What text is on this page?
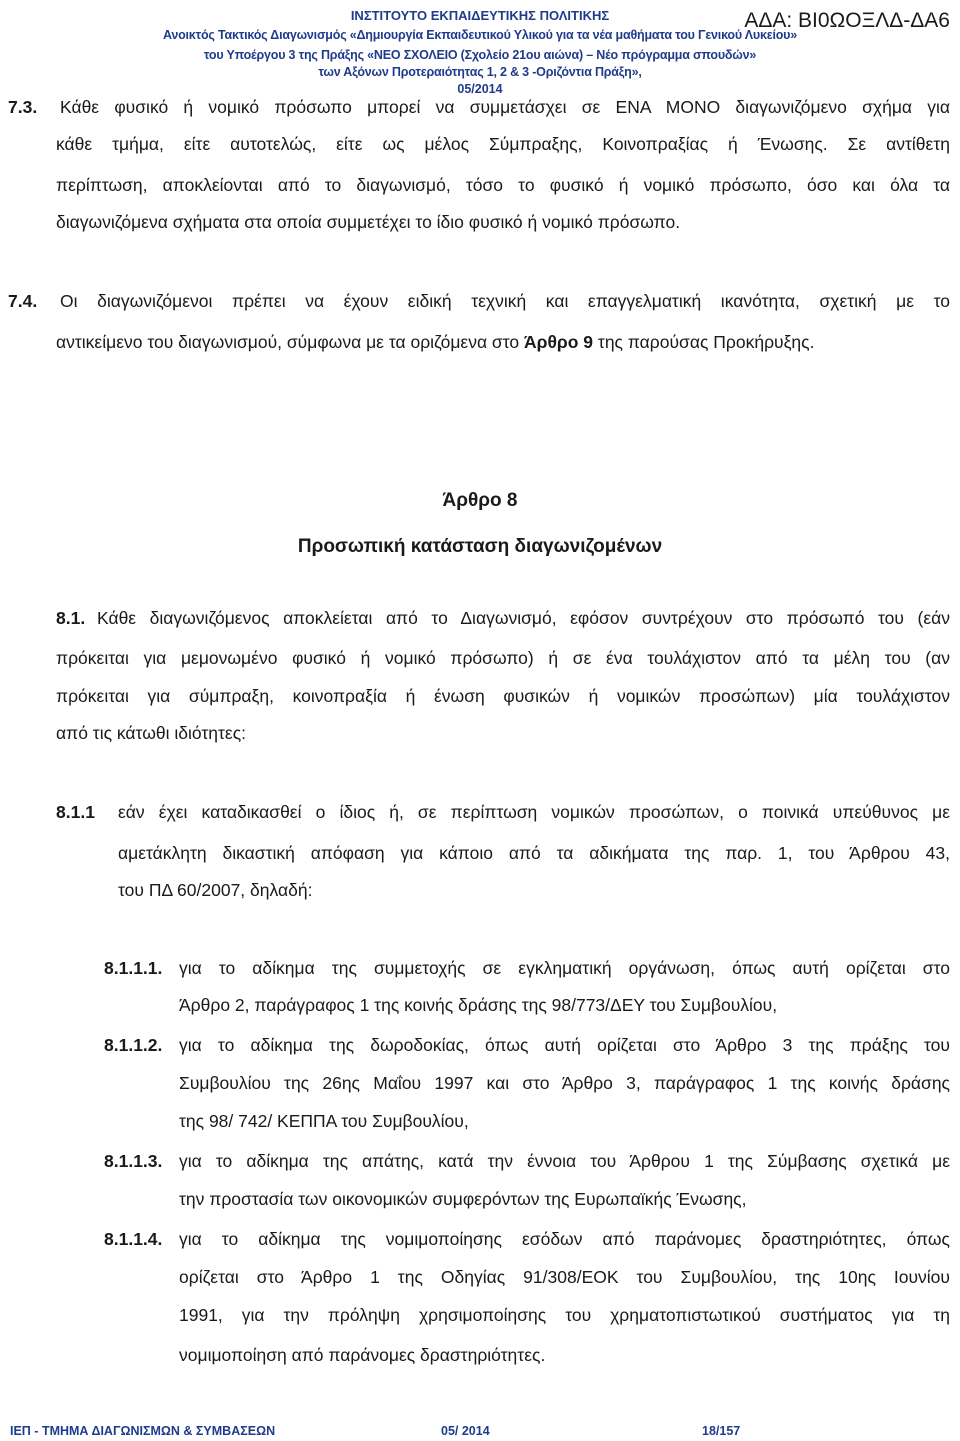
ΙΝΣΤΙΤΟΥΤΟ ΕΚΠΑΙΔΕΥΤΙΚΗΣ ΠΟΛΙΤΙΚΗΣ	ΑΔΑ: ΒΙ0ΩΟΞΛΔ-ΔΑ6
Ανοικτός Τακτικός Διαγωνισμός «Δημιουργία Εκπαιδευτικού Υλικού για τα νέα μαθήματα του Γενικού Λυκείου»
του Υποέργου 3 της Πράξης «ΝΕΟ ΣΧΟΛΕΙΟ (Σχολείο 21ου αιώνα) – Νέο πρόγραμμα σπουδών»
των Αξόνων Προτεραιότητας 1, 2 & 3 -Οριζόντια Πράξη»,
05/2014
7.3. Κάθε φυσικό ή νομικό πρόσωπο μπορεί να συμμετάσχει σε ΕΝΑ ΜΟΝΟ διαγωνιζόμενο σχήμα για
κάθε τμήμα, είτε αυτοτελώς, είτε ως μέλος Σύμπραξης, Κοινοπραξίας ή Ένωσης. Σε αντίθετη
περίπτωση, αποκλείονται από το διαγωνισμό, τόσο το φυσικό ή νομικό πρόσωπο, όσο και όλα τα
διαγωνιζόμενα σχήματα στα οποία συμμετέχει το ίδιο φυσικό ή νομικό πρόσωπο.
7.4. Οι διαγωνιζόμενοι πρέπει να έχουν ειδική τεχνική και επαγγελματική ικανότητα, σχετική με το
αντικείμενο του διαγωνισμού, σύμφωνα με τα οριζόμενα στο Άρθρο 9 της παρούσας Προκήρυξης.
Άρθρο 8
Προσωπική κατάσταση διαγωνιζομένων
8.1. Κάθε διαγωνιζόμενος αποκλείεται από το Διαγωνισμό, εφόσον συντρέχουν στο πρόσωπό του (εάν
πρόκειται για μεμονωμένο φυσικό ή νομικό πρόσωπο) ή σε ένα τουλάχιστον από τα μέλη του (αν
πρόκειται για σύμπραξη, κοινοπραξία ή ένωση φυσικών ή νομικών προσώπων) μία τουλάχιστον
από τις κάτωθι ιδιότητες:
8.1.1 εάν έχει καταδικασθεί ο ίδιος ή, σε περίπτωση νομικών προσώπων, ο ποινικά υπεύθυνος με
αμετάκλητη δικαστική απόφαση για κάποιο από τα αδικήματα της παρ. 1, του Άρθρου 43,
του ΠΔ 60/2007, δηλαδή:
8.1.1.1. για το αδίκημα της συμμετοχής σε εγκληματική οργάνωση, όπως αυτή ορίζεται στο
Άρθρο 2, παράγραφος 1 της κοινής δράσης της 98/773/ΔΕΥ του Συμβουλίου,
8.1.1.2. για το αδίκημα της δωροδοκίας, όπως αυτή ορίζεται στο Άρθρο 3 της πράξης του
Συμβουλίου της 26ης Μαΐου 1997 και στο Άρθρο 3, παράγραφος 1 της κοινής δράσης
της 98/ 742/ ΚΕΠΠΑ του Συμβουλίου,
8.1.1.3. για το αδίκημα της απάτης, κατά την έννοια του Άρθρου 1 της Σύμβασης σχετικά με
την προστασία των οικονομικών συμφερόντων της Ευρωπαϊκής Ένωσης,
8.1.1.4. για το αδίκημα της νομιμοποίησης εσόδων από παράνομες δραστηριότητες, όπως
ορίζεται στο Άρθρο 1 της Οδηγίας 91/308/ΕΟΚ του Συμβουλίου, της 10ης Ιουνίου
1991, για την πρόληψη χρησιμοποίησης του χρηματοπιστωτικού συστήματος για τη
νομιμοποίηση από παράνομες δραστηριότητες.
ΙΕΠ - ΤΜΗΜΑ ΔΙΑΓΩΝΙΣΜΩΝ & ΣΥΜΒΑΣΕΩΝ	05/ 2014	18/157
